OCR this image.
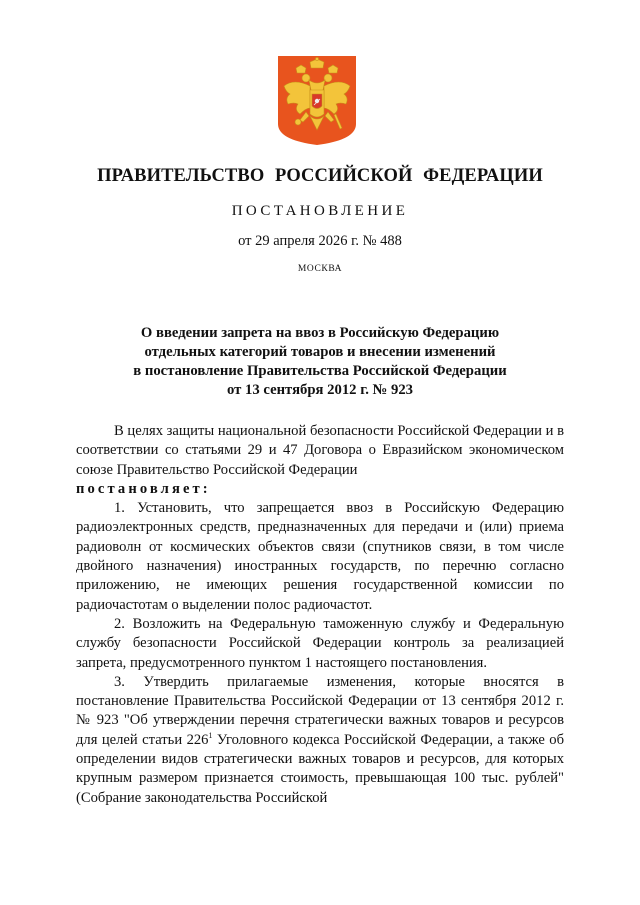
ПРАВИТЕЛЬСТВО РОССИЙСКОЙ ФЕДЕРАЦИИ
ПОСТАНОВЛЕНИЕ
от 29 апреля 2026 г. № 488
МОСКВА
О введении запрета на ввоз в Российскую Федерацию
отдельных категорий товаров и внесении изменений
в постановление Правительства Российской Федерации
от 13 сентября 2012 г. № 923

В целях защиты национальной безопасности Российской Федерации и в соответствии со статьями 29 и 47 Договора о Евразийском экономическом союзе Правительство Российской Федерации

постановляет:

1. Установить, что запрещается ввоз в Российскую Федерацию радиоэлектронных средств, предназначенных для передачи и (или) приема радиоволн от космических объектов связи (спутников связи, в том числе двойного назначения) иностранных государств, по перечню согласно приложению, не имеющих решения государственной комиссии по радиочастотам о выделении полос радиочастот.

2. Возложить на Федеральную таможенную службу и Федеральную службу безопасности Российской Федерации контроль за реализацией запрета, предусмотренного пунктом 1 настоящего постановления.

3. Утвердить прилагаемые изменения, которые вносятся в постановление Правительства Российской Федерации от 13 сентября 2012 г. № 923 "Об утверждении перечня стратегически важных товаров и ресурсов для целей статьи $226^1$ Уголовного кодекса Российской Федерации, а также об определении видов стратегически важных товаров и ресурсов, для которых крупным размером признается стоимость, превышающая 100 тыс. рублей" (Собрание законодательства Российской
